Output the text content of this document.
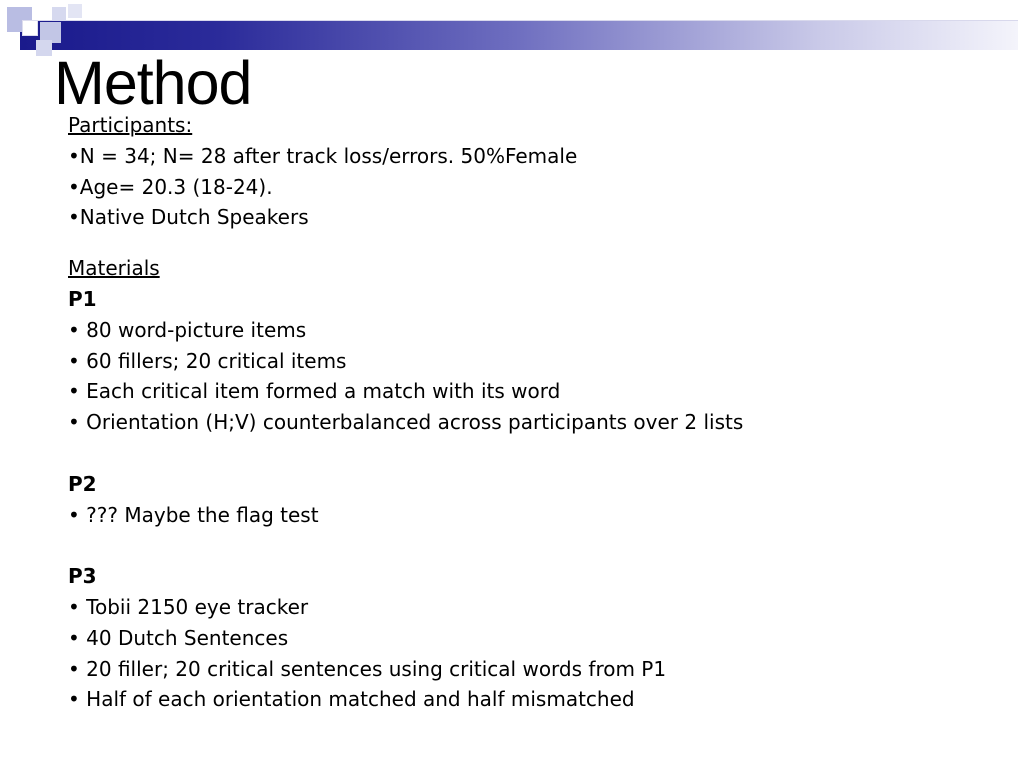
Method
Participants:
•N = 34; N= 28 after track loss/errors. 50%Female
•Age= 20.3 (18-24).
•Native Dutch Speakers
Materials
P1
• 80 word-picture items
• 60 fillers; 20 critical items
• Each critical item formed a match with its word
• Orientation (H;V) counterbalanced across participants over 2 lists
P2
• ??? Maybe the flag test
P3
• Tobii 2150 eye tracker
• 40 Dutch Sentences
• 20 filler; 20 critical sentences using critical words from P1
• Half of each orientation matched and half mismatched
